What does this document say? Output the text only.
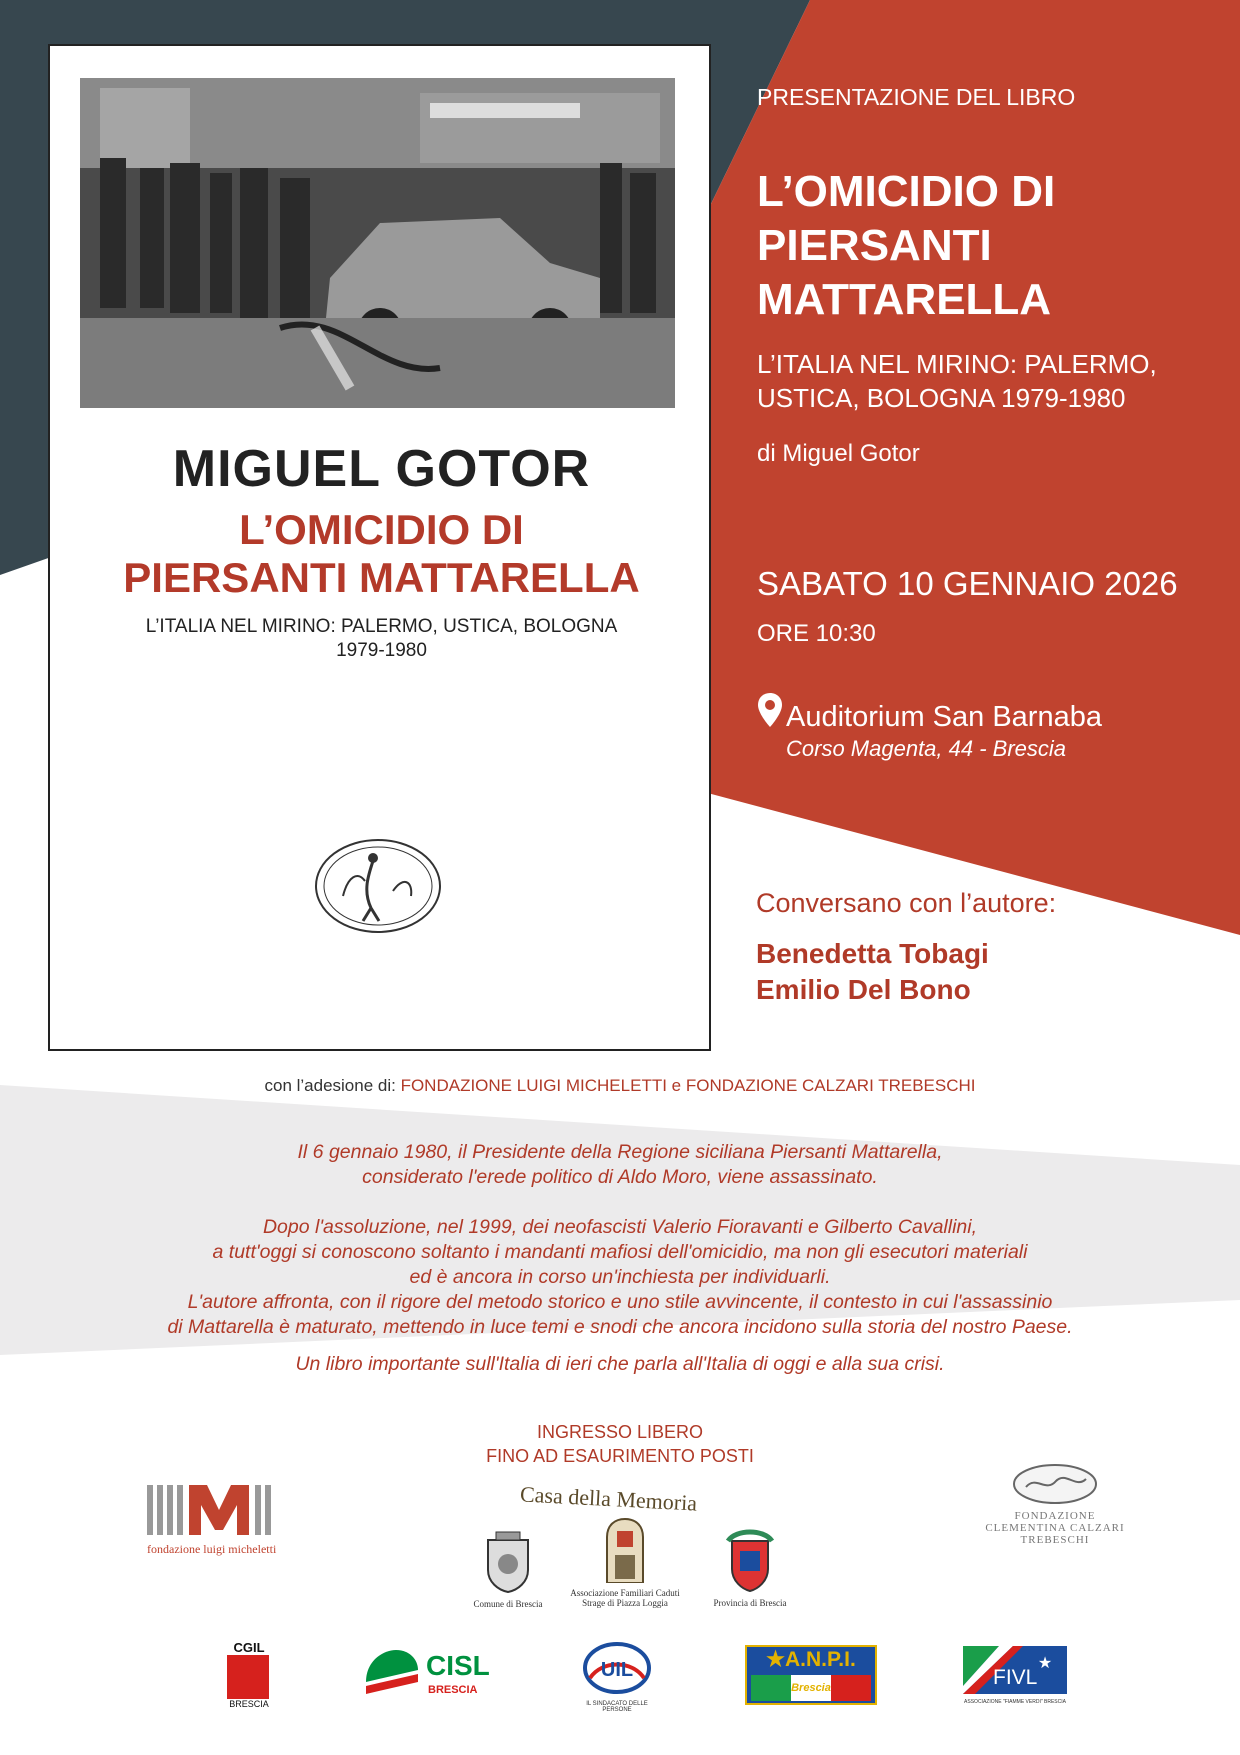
MIGUEL GOTOR
L’OMICIDIO DI
PIERSANTI MATTARELLA
L’ITALIA NEL MIRINO: PALERMO, USTICA, BOLOGNA
1979-1980
PRESENTAZIONE DEL LIBRO
L’OMICIDIO DI
PIERSANTI
MATTARELLA
L’ITALIA NEL MIRINO: PALERMO,
USTICA, BOLOGNA 1979-1980
di Miguel Gotor
SABATO 10 GENNAIO 2026
ORE 10:30
Auditorium San Barnaba
Corso Magenta, 44 - Brescia
Conversano con l’autore:
Benedetta Tobagi
Emilio Del Bono
con l’adesione di: FONDAZIONE LUIGI MICHELETTI e FONDAZIONE CALZARI TREBESCHI
Il 6 gennaio 1980, il Presidente della Regione siciliana Piersanti Mattarella,
considerato l'erede politico di Aldo Moro, viene assassinato.
Dopo l'assoluzione, nel 1999, dei neofascisti Valerio Fioravanti e Gilberto Cavallini,
a tutt'oggi si conoscono soltanto i mandanti mafiosi dell'omicidio, ma non gli esecutori materiali
ed è ancora in corso un'inchiesta per individuarli.
L'autore affronta, con il rigore del metodo storico e uno stile avvincente, il contesto in cui l'assassinio
di Mattarella è maturato, mettendo in luce temi e snodi che ancora incidono sulla storia del nostro Paese.
Un libro importante sull'Italia di ieri che parla all'Italia di oggi e alla sua crisi.
INGRESSO LIBERO
FINO AD ESAURIMENTO POSTI
fondazione luigi micheletti
Casa della Memoria
Comune di Brescia
Associazione Familiari Caduti
Strage di Piazza Loggia	Provincia di Brescia
FONDAZIONE
CLEMENTINA CALZARI
TREBESCHI
CGIL
BRESCIA
CISL
BRESCIA
UIL
IL SINDACATO DELLE PERSONE
★A.N.P.I.
Brescia
★
FIVL
ASSOCIAZIONE "FIAMME VERDI" BRESCIA
